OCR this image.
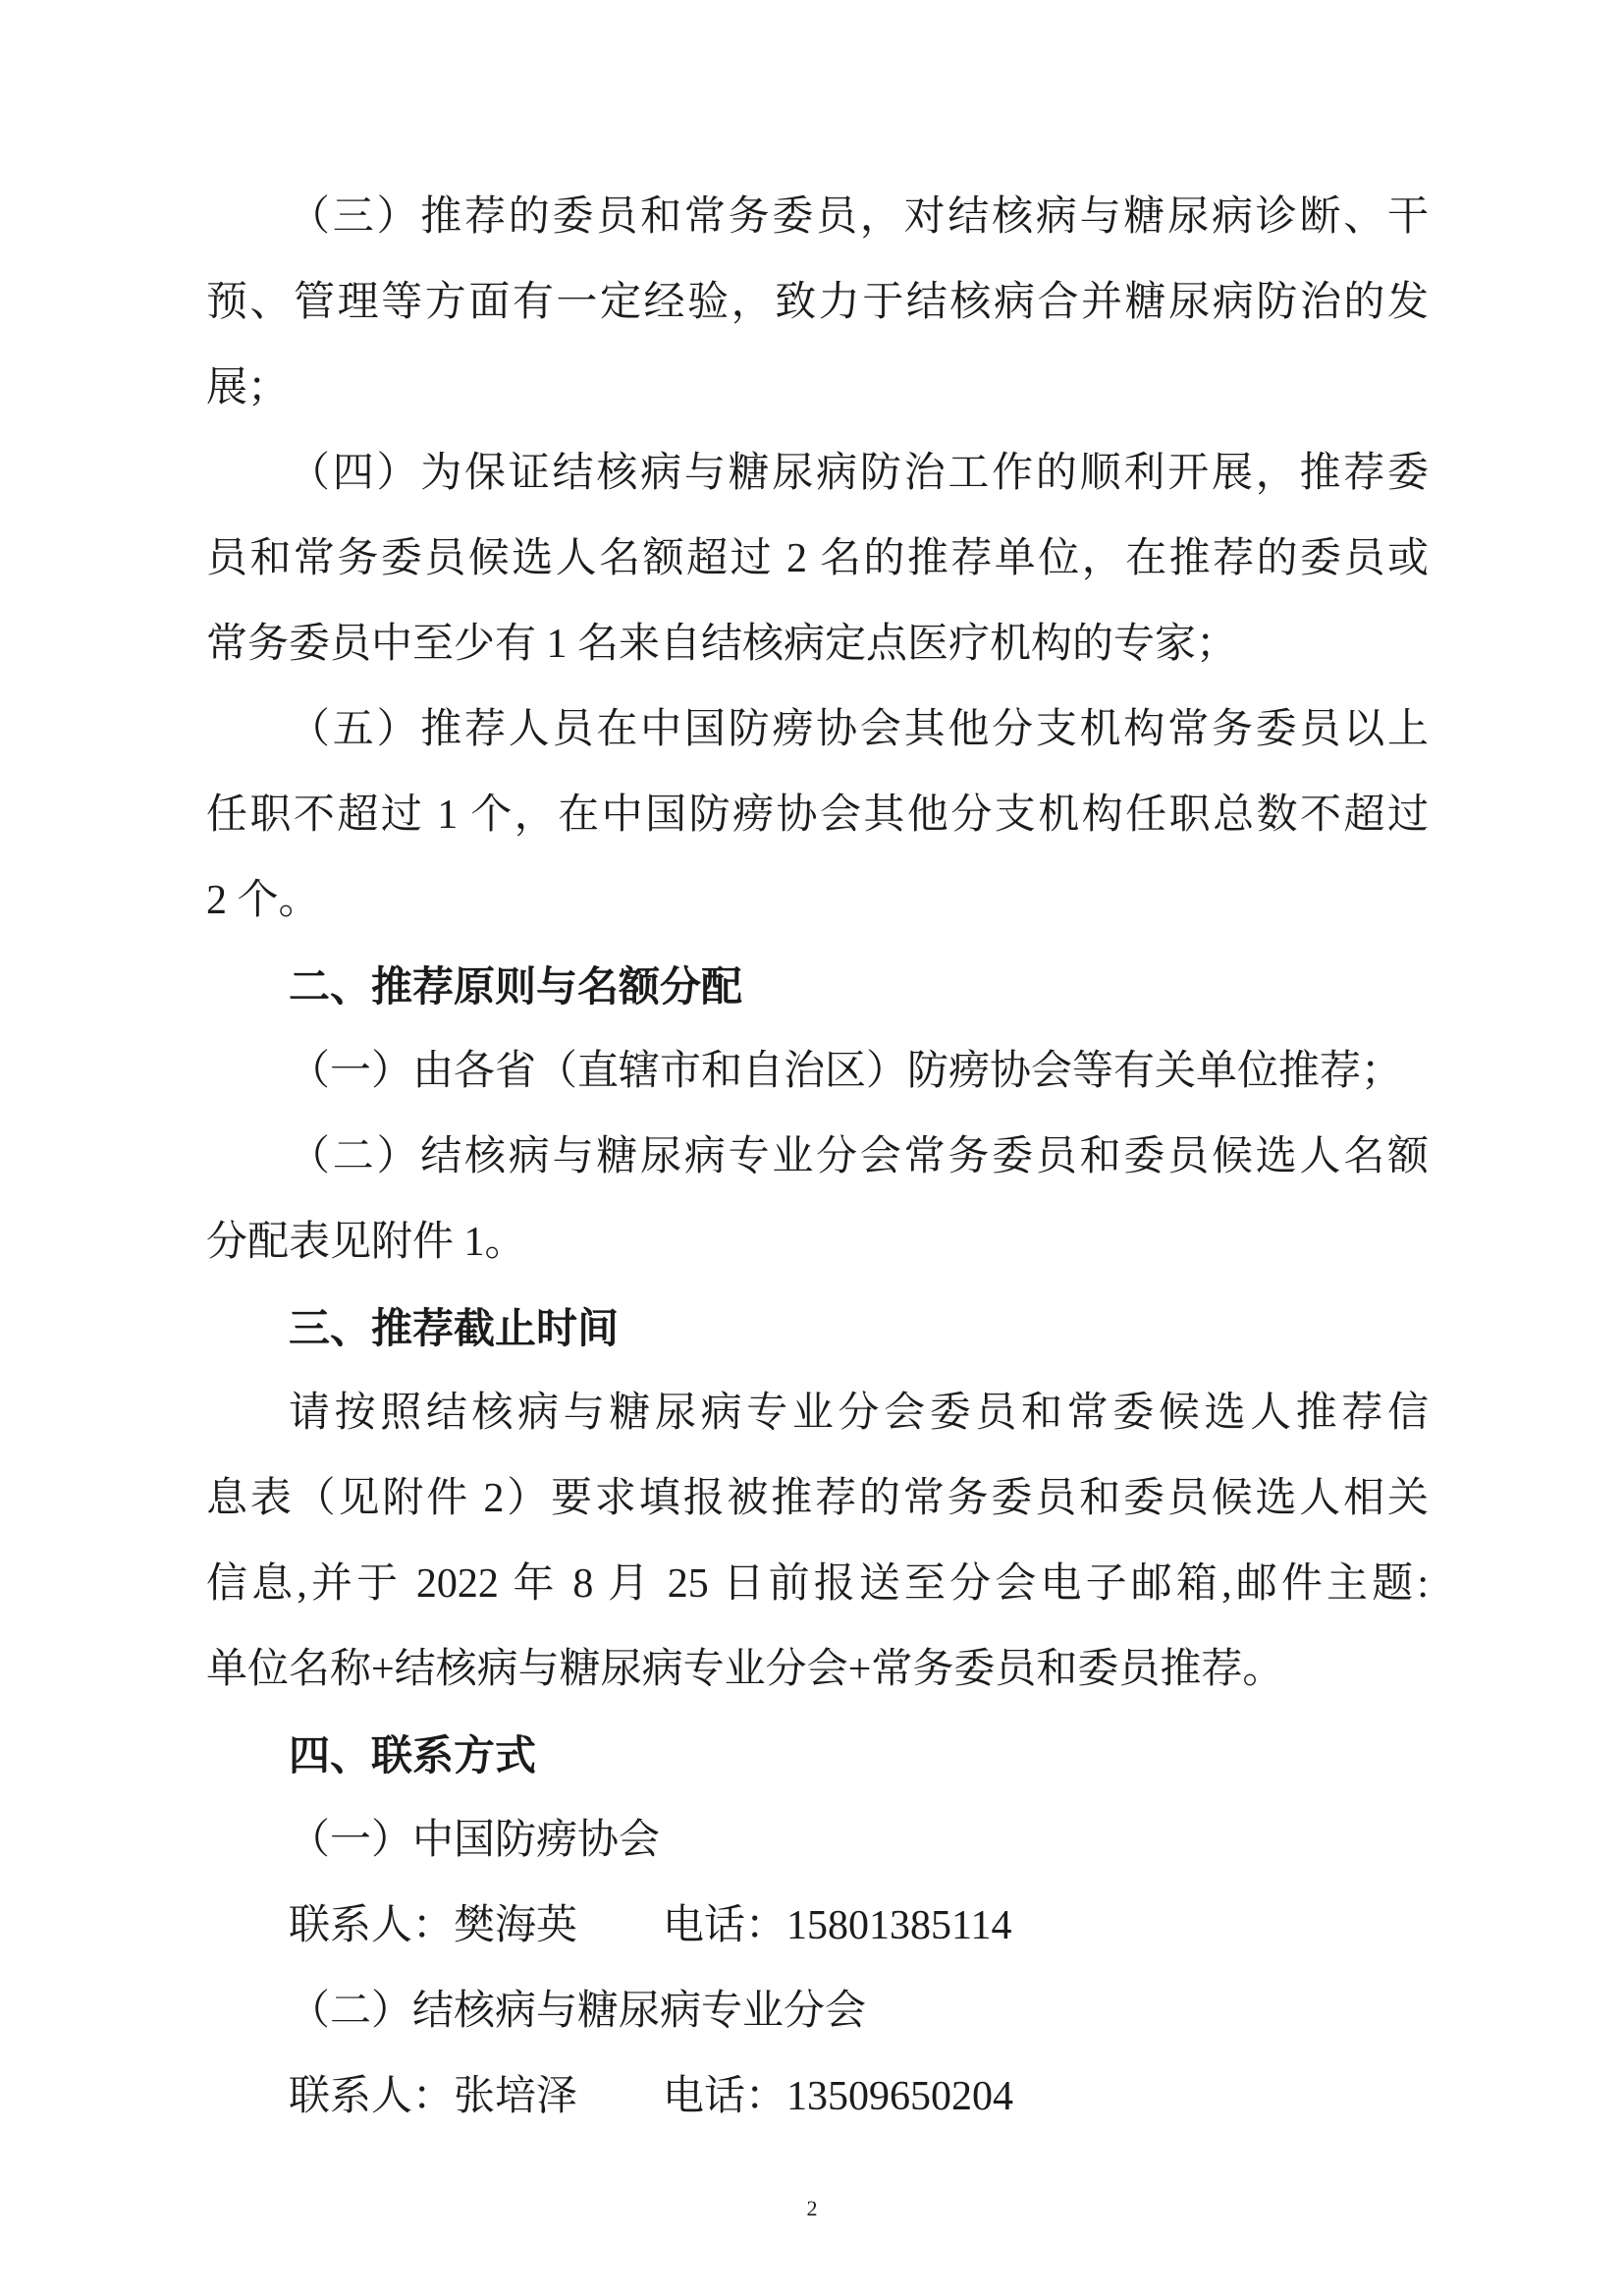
（三）推荐的委员和常务委员，对结核病与糖尿病诊断、干
预、管理等方面有一定经验，致力于结核病合并糖尿病防治的发
展；
（四）为保证结核病与糖尿病防治工作的顺利开展，推荐委
员和常务委员候选人名额超过 2 名的推荐单位，在推荐的委员或
常务委员中至少有 1 名来自结核病定点医疗机构的专家；
（五）推荐人员在中国防痨协会其他分支机构常务委员以上
任职不超过 1 个，在中国防痨协会其他分支机构任职总数不超过
2 个。
二、推荐原则与名额分配
（一）由各省（直辖市和自治区）防痨协会等有关单位推荐；
（二）结核病与糖尿病专业分会常务委员和委员候选人名额
分配表见附件 1。
三、推荐截止时间
请按照结核病与糖尿病专业分会委员和常委候选人推荐信
息表（见附件 2）要求填报被推荐的常务委员和委员候选人相关
信息,并于 2022 年 8 月 25 日前报送至分会电子邮箱,邮件主题:
单位名称+结核病与糖尿病专业分会+常务委员和委员推荐。
四、联系方式
（一）中国防痨协会
联系人：樊海英 电话：15801385114
（二）结核病与糖尿病专业分会
联系人：张培泽 电话：13509650204
2
